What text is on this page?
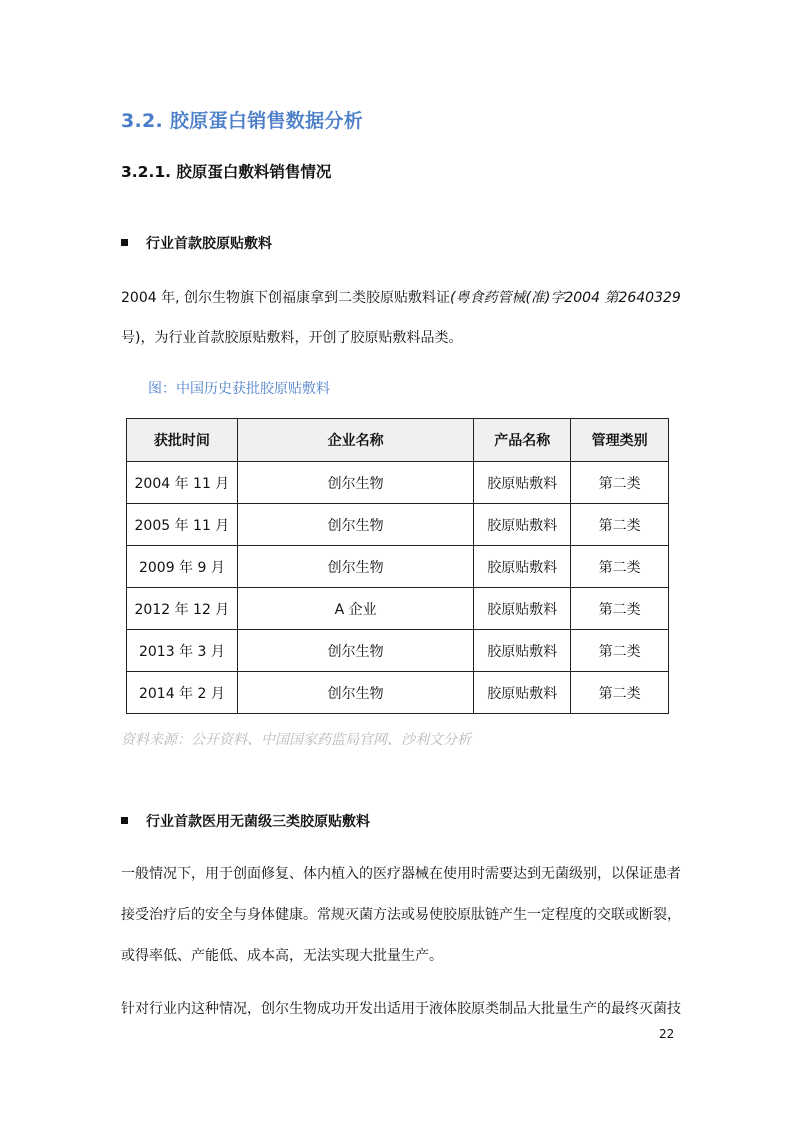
3.2. 胶原蛋白销售数据分析
3.2.1. 胶原蛋白敷料销售情况
行业首款胶原贴敷料
2004 年, 创尔生物旗下创福康拿到二类胶原贴敷料证(粤食药管械(准)字2004 第2640329
号)，为行业首款胶原贴敷料，开创了胶原贴敷料品类。
图：中国历史获批胶原贴敷料
获批时间	企业名称	产品名称	管理类别
2004 年 11 月	创尔生物	胶原贴敷料	第二类
2005 年 11 月	创尔生物	胶原贴敷料	第二类
2009 年 9 月	创尔生物	胶原贴敷料	第二类
2012 年 12 月	A 企业	胶原贴敷料	第二类
2013 年 3 月	创尔生物	胶原贴敷料	第二类
2014 年 2 月	创尔生物	胶原贴敷料	第二类
资料来源：公开资料、中国国家药监局官网、沙利文分析
行业首款医用无菌级三类胶原贴敷料
一般情况下，用于创面修复、体内植入的医疗器械在使用时需要达到无菌级别，以保证患者
接受治疗后的安全与身体健康。常规灭菌方法或易使胶原肽链产生一定程度的交联或断裂，
或得率低、产能低、成本高，无法实现大批量生产。
针对行业内这种情况，创尔生物成功开发出适用于液体胶原类制品大批量生产的最终灭菌技
22
